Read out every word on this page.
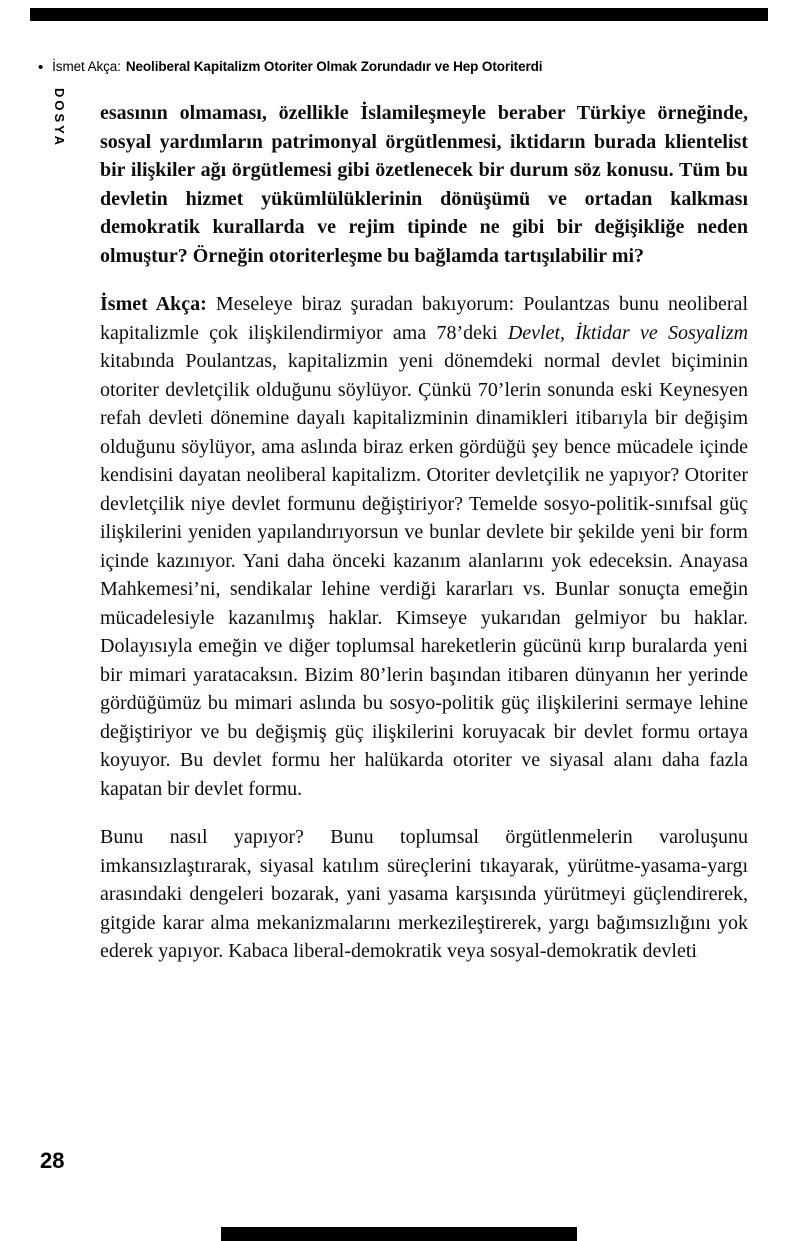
• İsmet Akça: Neoliberal Kapitalizm Otoriter Olmak Zorundadır ve Hep Otoriterdi
DOSYA esasının olmaması, özellikle İslamileşmeyle beraber Türkiye örneğinde, sosyal yardımların patrimonyal örgütlenmesi, iktidarın burada klientelist bir ilişkiler ağı örgütlemesi gibi özetlenecek bir durum söz konusu. Tüm bu devletin hizmet yükümlülüklerinin dönüşümü ve ortadan kalkması demokratik kurallarda ve rejim tipinde ne gibi bir değişikliğe neden olmuştur? Örneğin otoriterleşme bu bağlamda tartışılabilir mi?

İsmet Akça: Meseleye biraz şuradan bakıyorum: Poulantzas bunu neoliberal kapitalizmle çok ilişkilendirmiyor ama 78’deki Devlet, İktidar ve Sosyalizm kitabında Poulantzas, kapitalizmin yeni dönemdeki normal devlet biçiminin otoriter devletçilik olduğunu söylüyor. Çünkü 70’lerin sonunda eski Keynesyen refah devleti dönemine dayalı kapitalizminin dinamikleri itibarıyla bir değişim olduğunu söylüyor, ama aslında biraz erken gördüğü şey bence mücadele içinde kendisini dayatan neoliberal kapitalizm. Otoriter devletçilik ne yapıyor? Otoriter devletçilik niye devlet formunu değiştiriyor? Temelde sosyo-politik-sınıfsal güç ilişkilerini yeniden yapılandırıyorsun ve bunlar devlete bir şekilde yeni bir form içinde kazınıyor. Yani daha önceki kazanım alanlarını yok edeceksin. Anayasa Mahkemesi’ni, sendikalar lehine verdiği kararları vs. Bunlar sonuçta emeğin mücadelesiyle kazanılmış haklar. Kimseye yukarıdan gelmiyor bu haklar. Dolayısıyla emeğin ve diğer toplumsal hareketlerin gücünü kırıp buralarda yeni bir mimari yaratacaksın. Bizim 80’lerin başından itibaren dünyanın her yerinde gördüğümüz bu mimari aslında bu sosyo-politik güç ilişkilerini sermaye lehine değiştiriyor ve bu değişmiş güç ilişkilerini koruyacak bir devlet formu ortaya koyuyor. Bu devlet formu her halükarda otoriter ve siyasal alanı daha fazla kapatan bir devlet formu.

Bunu nasıl yapıyor? Bunu toplumsal örgütlenmelerin varoluşunu imkansızlaştırarak, siyasal katılım süreçlerini tıkayarak, yürütme-yasama-yargı arasındaki dengeleri bozarak, yani yasama karşısında yürütmeyi güçlendirerek, gitgide karar alma mekanizmalarını merkezileştirerek, yargı bağımsızlığını yok ederek yapıyor. Kabaca liberal-demokratik veya sosyal-demokratik devleti

28
